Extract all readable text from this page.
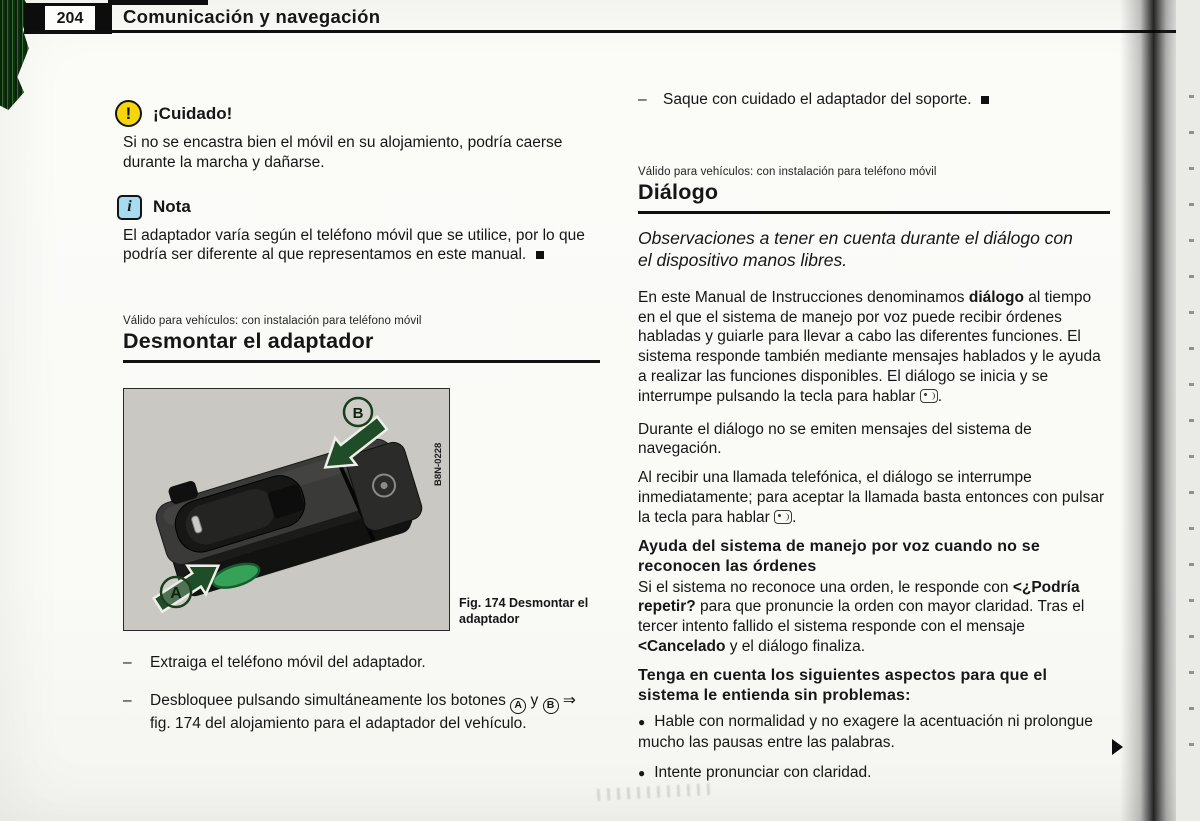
204	Comunicación y navegación
!	¡Cuidado!
Si no se encastra bien el móvil en su alojamiento, podría caerse durante la marcha y dañarse.
i	Nota
El adaptador varía según el teléfono móvil que se utilice, por lo que podría ser diferente al que representamos en este manual.
Válido para vehículos: con instalación para teléfono móvil
Desmontar el adaptador
A
B
B8N-0228
Fig. 174 Desmontar el adaptador
–	Extraiga el teléfono móvil del adaptador.
–	Desbloquee pulsando simultáneamente los botones A y B ⇒ fig. 174 del alojamiento para el adaptador del vehículo.
–	Saque con cuidado el adaptador del soporte.
Válido para vehículos: con instalación para teléfono móvil
Diálogo
Observaciones a tener en cuenta durante el diálogo con el dispositivo manos libres.
En este Manual de Instrucciones denominamos diálogo al tiempo en el que el sistema de manejo por voz puede recibir órdenes habladas y guiarle para llevar a cabo las diferentes funciones. El sistema responde también mediante mensajes hablados y le ayuda a realizar las funciones disponibles. El diálogo se inicia y se interrumpe pulsando la tecla para hablar .
Durante el diálogo no se emiten mensajes del sistema de navegación.
Al recibir una llamada telefónica, el diálogo se interrumpe inmediatamente; para aceptar la llamada basta entonces con pulsar la tecla para hablar .
Ayuda del sistema de manejo por voz cuando no se reconocen las órdenes
Si el sistema no reconoce una orden, le responde con <¿Podría repetir? para que pronuncie la orden con mayor claridad. Tras el tercer intento fallido el sistema responde con el mensaje <Cancelado y el diálogo finaliza.
Tenga en cuenta los siguientes aspectos para que el sistema le entienda sin problemas:
● Hable con normalidad y no exagere la acentuación ni prolongue mucho las pausas entre las palabras.
● Intente pronunciar con claridad.
